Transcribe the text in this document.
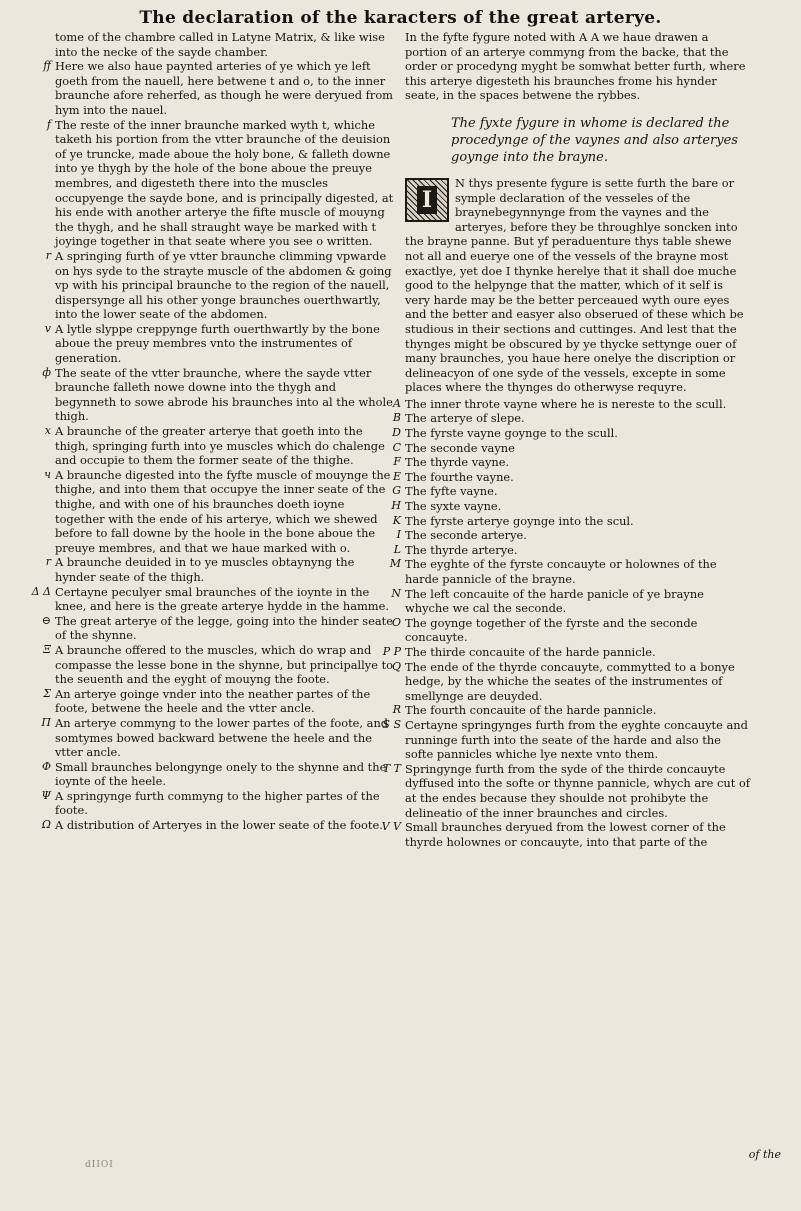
The declaration of the karacters of the great arterye.

tome of the chambre called in Latyne Matrix, & like wise into the necke of the sayde chamber.

ff Here we also haue paynted arteries of ye which ye left goeth from the nauell, here betwene t and o, to the inner braunche afore reherfed, as though he were deryued from hym into the nauel.

f The reste of the inner braunche marked wyth t, whiche taketh his portion from the vtter braunche of the deuision of ye truncke, made aboue the holy bone, & falleth downe into ye thygh by the hole of the bone aboue the preuye membres, and digesteth there into the muscles occupyenge the sayde bone, and is principally digested, at his ende with another arterye the fifte muscle of mouyng the thygh, and he shall straught waye be marked with t joyinge together in that seate where you see o written.

r A springing furth of ye vtter braunche climming vpwarde on hys syde to the strayte muscle of the abdomen & going vp with his principal braunche to the region of the nauell, dispersynge all his other yonge braunches ouerthwartly, into the lower seate of the abdomen.

v A lytle slyppe creppynge furth ouerthwartly by the bone aboue the preuy membres vnto the instrumentes of generation.

ф The seate of the vtter braunche, where the sayde vtter braunche falleth nowe downe into the thygh and begynneth to sowe abrode his braunches into al the whole thigh.

x A braunche of the greater arterye that goeth into the thigh, springing furth into ye muscles which do chalenge and occupie to them the former seate of the thighe.

ч A braunche digested into the fyfte muscle of mouynge the thighe, and into them that occupye the inner seate of the thighe, and with one of his braunches doeth ioyne together with the ende of his arterye, which we shewed before to fall downe by the hoole in the bone aboue the preuye membres, and that we haue marked with o.

r A braunche deuided in to ye muscles obtaynyng the hynder seate of the thigh.

Δ Δ Certayne peculyer smal braunches of the ioynte in the knee, and here is the greate arterye hydde in the hamme.

⊖ The great arterye of the legge, going into the hinder seate of the shynne.

Ξ A braunche offered to the muscles, which do wrap and compasse the lesse bone in the shynne, but principallye to the seuenth and the eyght of mouyng the foote.

Σ An arterye goinge vnder into the neather partes of the foote, betwene the heele and the vtter ancle.

Π An arterye commyng to the lower partes of the foote, and somtymes bowed backward betwene the heele and the vtter ancle.

Φ Small braunches belongynge onely to the shynne and the ioynte of the heele.

Ψ A springynge furth commyng to the higher partes of the foote.

Ω A distribution of Arteryes in the lower seate of the foote.

In the fyfte fygure noted with A A we haue drawen a portion of an arterye commyng from the backe, that the order or procedyng myght be somwhat better furth, where this arterye digesteth his braunches frome his hynder seate, in the spaces betwene the rybbes.

The fyxte fygure in whome is declared the procedynge of the vaynes and also arteryes goynge into the brayne.
I
N thys presente fygure is sette furth the bare or symple declaration of the vesseles of the braynebegynnynge from the vaynes and the arteryes, before they be throughlye soncken into the brayne panne. But yf peraduenture thys table shewe not all and euerye one of the vessels of the brayne most exactlye, yet doe I thynke herelye that it shall doe muche good to the helpynge that the matter, which of it self is very harde may be the better perceaued wyth oure eyes and the better and easyer also obserued of these which be studious in their sections and cuttinges. And lest that the thynges might be obscured by ye thycke settynge ouer of many braunches, you haue here onelye the discription or delineacyon of one syde of the vessels, excepte in some places where the thynges do otherwyse requyre.

A The inner throte vayne where he is nereste to the scull.

B The arterye of slepe.

D The fyrste vayne goynge to the scull.

C The seconde vayne

F The thyrde vayne.

E The fourthe vayne.

G The fyfte vayne.

H The syxte vayne.

K The fyrste arterye goynge into the scul.

I The seconde arterye.

L The thyrde arterye.

M The eyghte of the fyrste concauyte or holownes of the harde pannicle of the brayne.

N The left concauite of the harde panicle of ye brayne whyche we cal the seconde.

O The goynge together of the fyrste and the seconde concauyte.

P P The thirde concauite of the harde pannicle.

Q The ende of the thyrde concauyte, commytted to a bonye hedge, by the whiche the seates of the instrumentes of smellynge are deuyded.

R The fourth concauite of the harde pannicle.

S S Certayne springynges furth from the eyghte concauyte and runninge furth into the seate of the harde and also the softe pannicles whiche lye nexte vnto them.

T T Springynge furth from the syde of the thirde concauyte dyffused into the softe or thynne pannicle, whych are cut of at the endes because they shoulde not prohibyte the delineatio of the inner braunches and circles.

V V Small braunches deryued from the lowest corner of the thyrde holownes or concauyte, into that parte of the

dIIOI
of the
